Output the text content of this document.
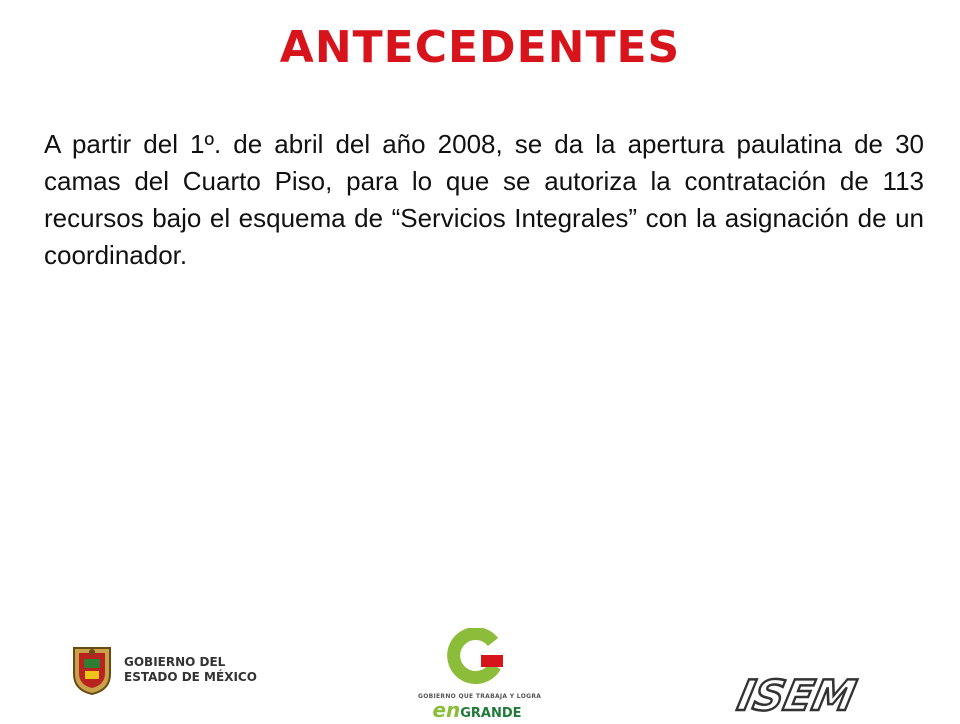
ANTECEDENTES

A partir del 1º. de abril del año 2008, se da la apertura paulatina de 30 camas del Cuarto Piso, para lo que se autoriza la contratación de 113 recursos bajo el esquema de “Servicios Integrales” con la asignación de un coordinador.

GOBIERNO DEL
ESTADO DE MÉXICO
GOBIERNO QUE TRABAJA Y LOGRA
enGRANDE	ISEM
